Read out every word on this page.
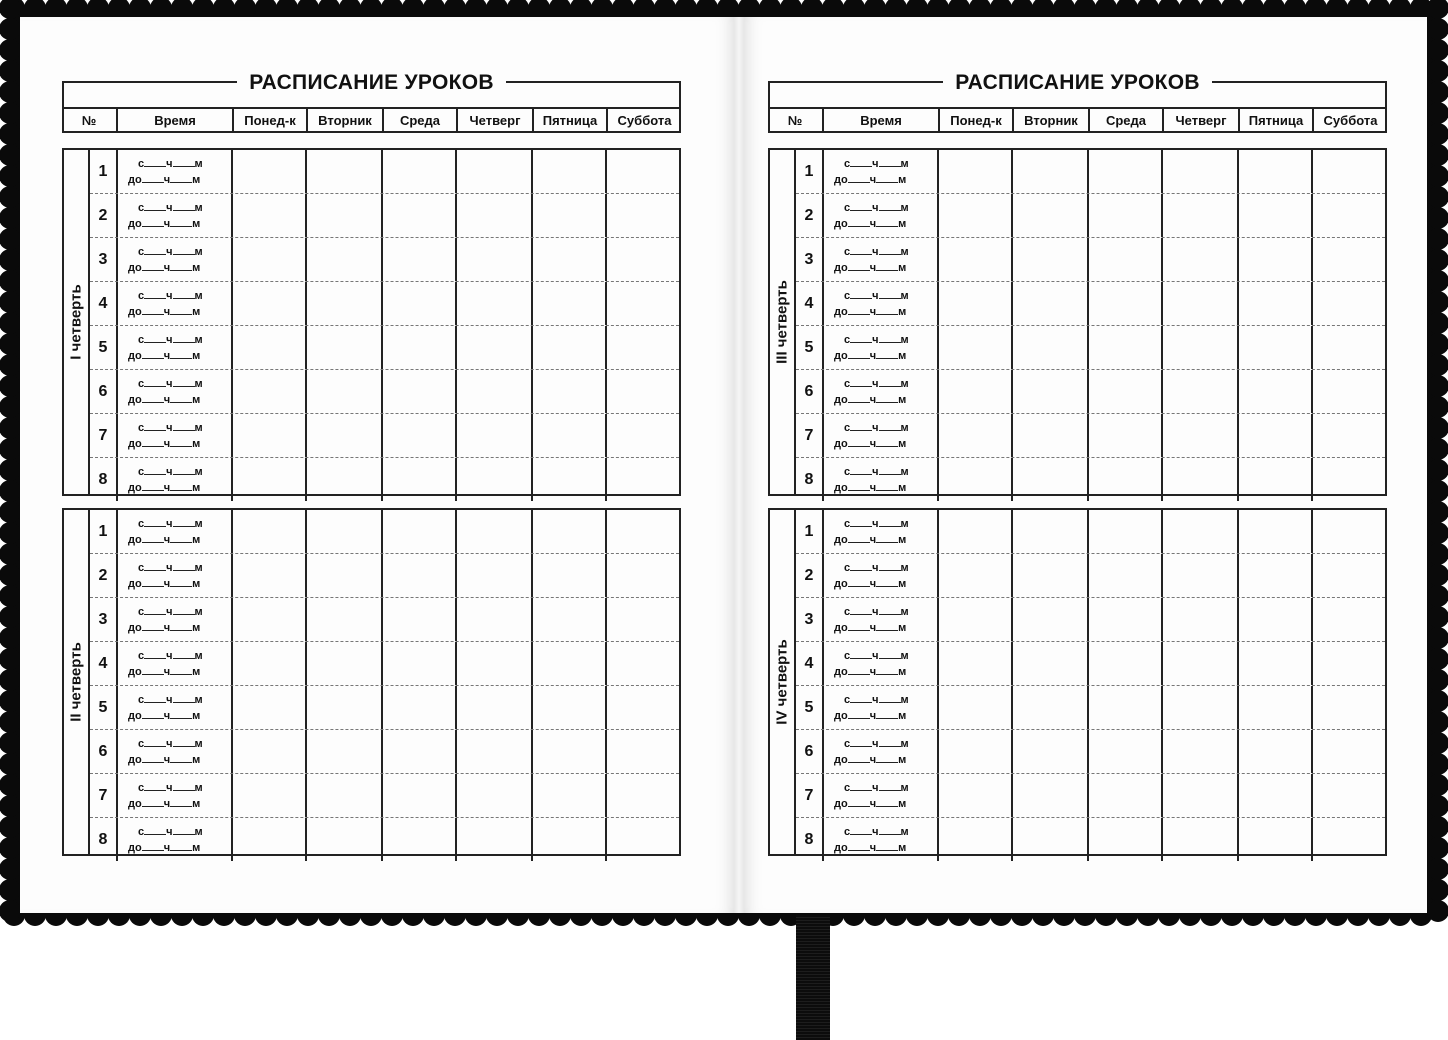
РАСПИСАНИЕ УРОКОВ
№	Время	Понед-к	Вторник	Среда	Четверг	Пятница	Суббота
I четверть
1	с ч м
до ч м
2	с ч м
до ч м
3	с ч м
до ч м
4	с ч м
до ч м
5	с ч м
до ч м
6	с ч м
до ч м
7	с ч м
до ч м
8	с ч м
до ч м
II четверть
1	с ч м
до ч м
2	с ч м
до ч м
3	с ч м
до ч м
4	с ч м
до ч м
5	с ч м
до ч м
6	с ч м
до ч м
7	с ч м
до ч м
8	с ч м
до ч м
РАСПИСАНИЕ УРОКОВ
№	Время	Понед-к	Вторник	Среда	Четверг	Пятница	Суббота
III четверть
1	с ч м
до ч м
2	с ч м
до ч м
3	с ч м
до ч м
4	с ч м
до ч м
5	с ч м
до ч м
6	с ч м
до ч м
7	с ч м
до ч м
8	с ч м
до ч м
IV четверть
1	с ч м
до ч м
2	с ч м
до ч м
3	с ч м
до ч м
4	с ч м
до ч м
5	с ч м
до ч м
6	с ч м
до ч м
7	с ч м
до ч м
8	с ч м
до ч м
